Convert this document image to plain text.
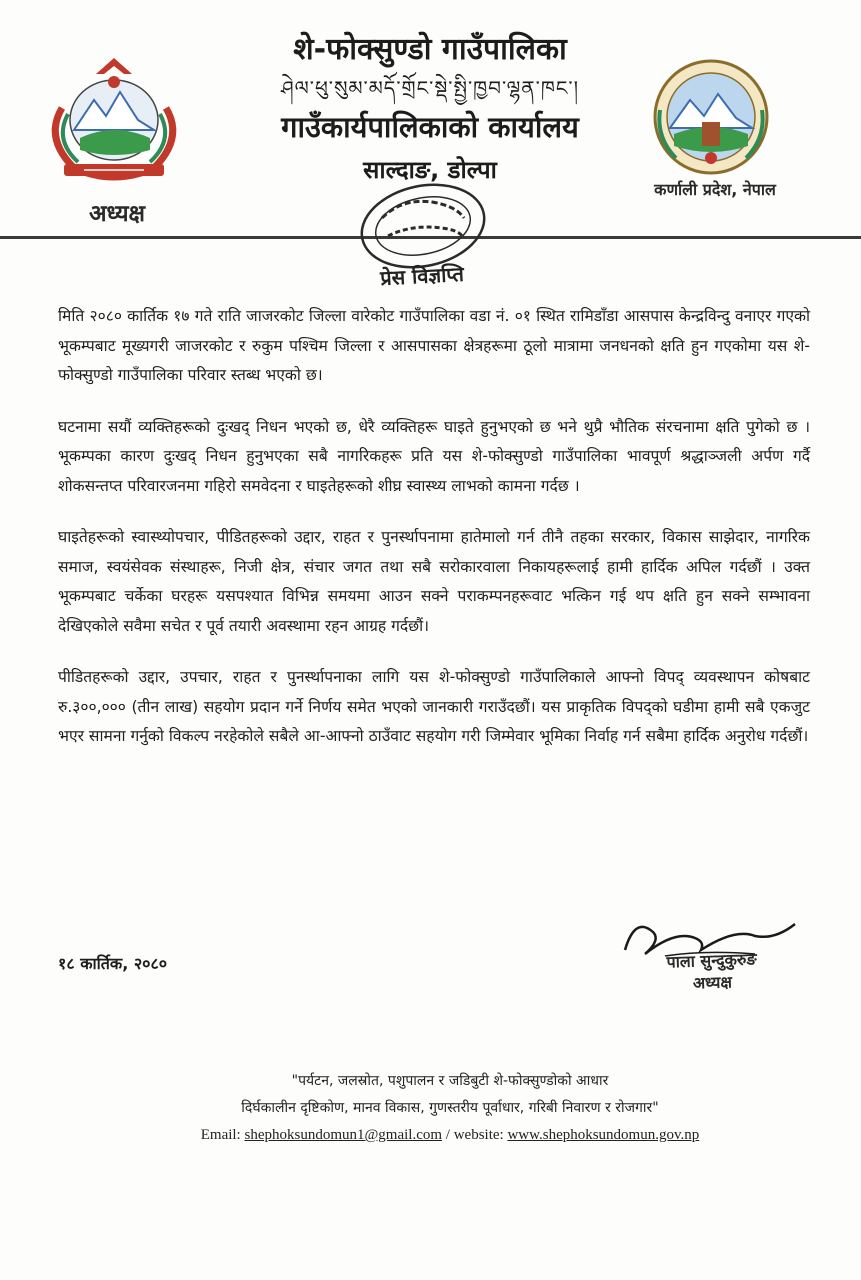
अध्यक्ष
शे-फोक्सुण्डो गाउँपालिका
ཤེལ་ཕུ་སུམ་མདོ་གྲོང་སྡེ་སྤྱི་ཁྱབ་ལྷན་ཁང་།
गाउँकार्यपालिकाको कार्यालय
साल्दाङ, डोल्पा
कर्णाली प्रदेश, नेपाल
प्रेस विज्ञप्ति

मिति २०८० कार्तिक १७ गते राति जाजरकोट जिल्ला वारेकोट गाउँपालिका वडा नं. ०१ स्थित रामिडाँडा आसपास केन्द्रविन्दु वनाएर गएको भूकम्पबाट मूख्यगरी जाजरकोट र रुकुम पश्चिम जिल्ला र आसपासका क्षेत्रहरूमा ठूलो मात्रामा जनधनको क्षति हुन गएकोमा यस शे-फोक्सुण्डो गाउँपालिका परिवार स्तब्ध भएको छ।

घटनामा सयौं व्यक्तिहरूको दुःखद् निधन भएको छ, धेरै व्यक्तिहरू घाइते हुनुभएको छ भने थुप्रै भौतिक संरचनामा क्षति पुगेको छ । भूकम्पका कारण दुःखद् निधन हुनुभएका सबै नागरिकहरू प्रति यस शे-फोक्सुण्डो गाउँपालिका भावपूर्ण श्रद्धाञ्जली अर्पण गर्दै शोकसन्तप्त परिवारजनमा गहिरो समवेदना र घाइतेहरूको शीघ्र स्वास्थ्य लाभको कामना गर्दछ ।

घाइतेहरूको स्वास्थ्योपचार, पीडितहरूको उद्दार, राहत र पुनर्स्थापनामा हातेमालो गर्न तीनै तहका सरकार, विकास साझेदार, नागरिक समाज, स्वयंसेवक संस्थाहरू, निजी क्षेत्र, संचार जगत तथा सबै सरोकारवाला निकायहरूलाई हामी हार्दिक अपिल गर्दछौं । उक्त भूकम्पबाट चर्केका घरहरू यसपश्यात विभिन्न समयमा आउन सक्ने पराकम्पनहरूवाट भत्किन गई थप क्षति हुन सक्ने सम्भावना देखिएकोले सवैमा सचेत र पूर्व तयारी अवस्थामा रहन आग्रह गर्दछौं।

पीडितहरूको उद्दार, उपचार, राहत र पुनर्स्थापनाका लागि यस शे-फोक्सुण्डो गाउँपालिकाले आफ्नो विपद् व्यवस्थापन कोषबाट रु.३००,००० (तीन लाख) सहयोग प्रदान गर्ने निर्णय समेत भएको जानकारी गराउँदछौं। यस प्राकृतिक विपद्को घडीमा हामी सबै एकजुट भएर सामना गर्नुको विकल्प नरहेकोले सबैले आ-आफ्नो ठाउँवाट सहयोग गरी जिम्मेवार भूमिका निर्वाह गर्न सबैमा हार्दिक अनुरोध गर्दछौं।

१८ कार्तिक, २०८०	पाला सुन्दुकुरुङ
अध्यक्ष
"पर्यटन, जलस्रोत, पशुपालन र जडिबुटी शे-फोक्सुण्डोको आधार
दिर्घकालीन दृष्टिकोण, मानव विकास, गुणस्तरीय पूर्वाधार, गरिबी निवारण र रोजगार"
Email: shephoksundomun1@gmail.com / website: www.shephoksundomun.gov.np
